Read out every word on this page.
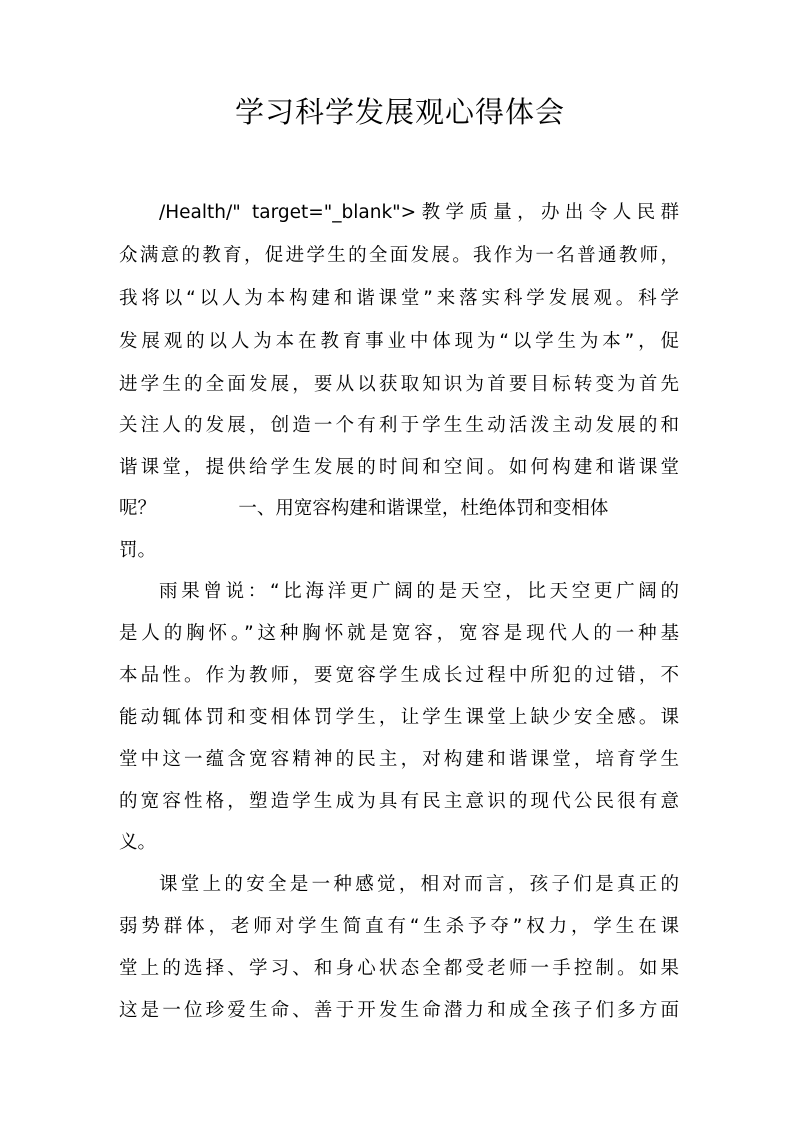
学习科学发展观心得体会
/Health/" target="_blank">教学质量，办出令人民群
众满意的教育，促进学生的全面发展。我作为一名普通教师，
我将以“以人为本构建和谐课堂”来落实科学发展观。科学
发展观的以人为本在教育事业中体现为“以学生为本”，促
进学生的全面发展，要从以获取知识为首要目标转变为首先
关注人的发展，创造一个有利于学生生动活泼主动发展的和
谐课堂，提供给学生发展的时间和空间。如何构建和谐课堂
呢？              一、用宽容构建和谐课堂，杜绝体罚和变相体
罚。
雨果曾说：“比海洋更广阔的是天空，比天空更广阔的
是人的胸怀。”这种胸怀就是宽容，宽容是现代人的一种基
本品性。作为教师，要宽容学生成长过程中所犯的过错，不
能动辄体罚和变相体罚学生，让学生课堂上缺少安全感。课
堂中这一蕴含宽容精神的民主，对构建和谐课堂，培育学生
的宽容性格，塑造学生成为具有民主意识的现代公民很有意
义。
课堂上的安全是一种感觉，相对而言，孩子们是真正的
弱势群体，老师对学生简直有“生杀予夺”权力，学生在课
堂上的选择、学习、和身心状态全都受老师一手控制。如果
这是一位珍爱生命、善于开发生命潜力和成全孩子们多方面
